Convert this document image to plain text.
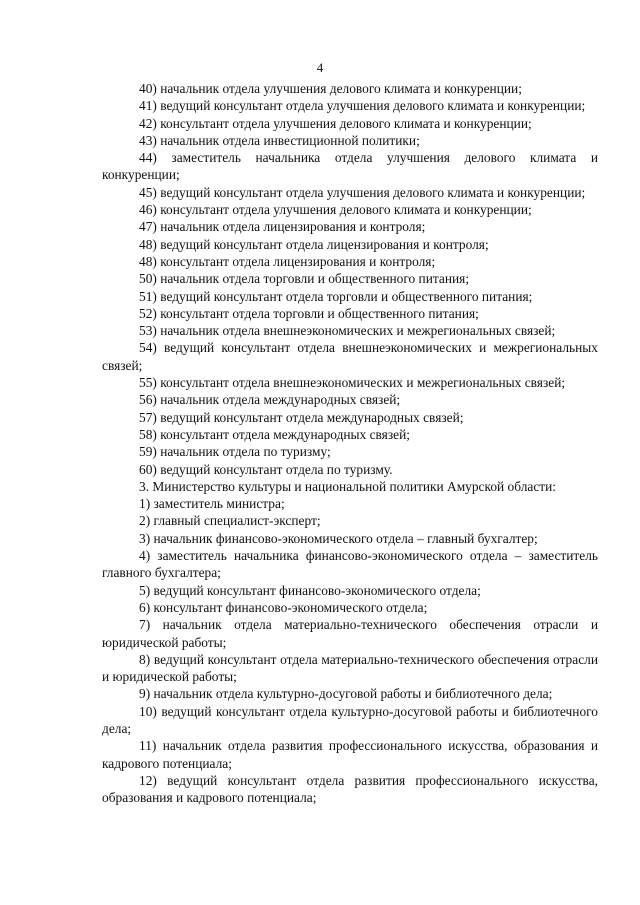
4

40) начальник отдела улучшения делового климата и конкуренции;

41) ведущий консультант отдела улучшения делового климата и конкуренции;

42) консультант отдела улучшения делового климата и конкуренции;

43) начальник отдела инвестиционной политики;

44) заместитель начальника отдела улучшения делового климата и конкуренции;

45) ведущий консультант отдела улучшения делового климата и конкуренции;

46) консультант отдела улучшения делового климата и конкуренции;

47) начальник отдела лицензирования и контроля;

48) ведущий консультант отдела лицензирования и контроля;

48) консультант отдела лицензирования и контроля;

50) начальник отдела торговли и общественного питания;

51) ведущий консультант отдела торговли и общественного питания;

52) консультант отдела торговли и общественного питания;

53) начальник отдела внешнеэкономических и межрегиональных связей;

54) ведущий консультант отдела внешнеэкономических и межрегиональных связей;

55) консультант отдела внешнеэкономических и межрегиональных связей;

56) начальник отдела международных связей;

57) ведущий консультант отдела международных связей;

58) консультант отдела международных связей;

59) начальник отдела по туризму;

60) ведущий консультант отдела по туризму.

3. Министерство культуры и национальной политики Амурской области:

1) заместитель министра;

2) главный специалист-эксперт;

3) начальник финансово-экономического отдела – главный бухгалтер;

4) заместитель начальника финансово-экономического отдела – заместитель главного бухгалтера;

5) ведущий консультант финансово-экономического отдела;

6) консультант финансово-экономического отдела;

7) начальник отдела материально-технического обеспечения отрасли и юридической работы;

8) ведущий консультант отдела материально-технического обеспечения отрасли и юридической работы;

9) начальник отдела культурно-досуговой работы и библиотечного дела;

10) ведущий консультант отдела культурно-досуговой работы и библиотечного дела;

11) начальник отдела развития профессионального искусства, образования и кадрового потенциала;

12) ведущий консультант отдела развития профессионального искусства, образования и кадрового потенциала;
